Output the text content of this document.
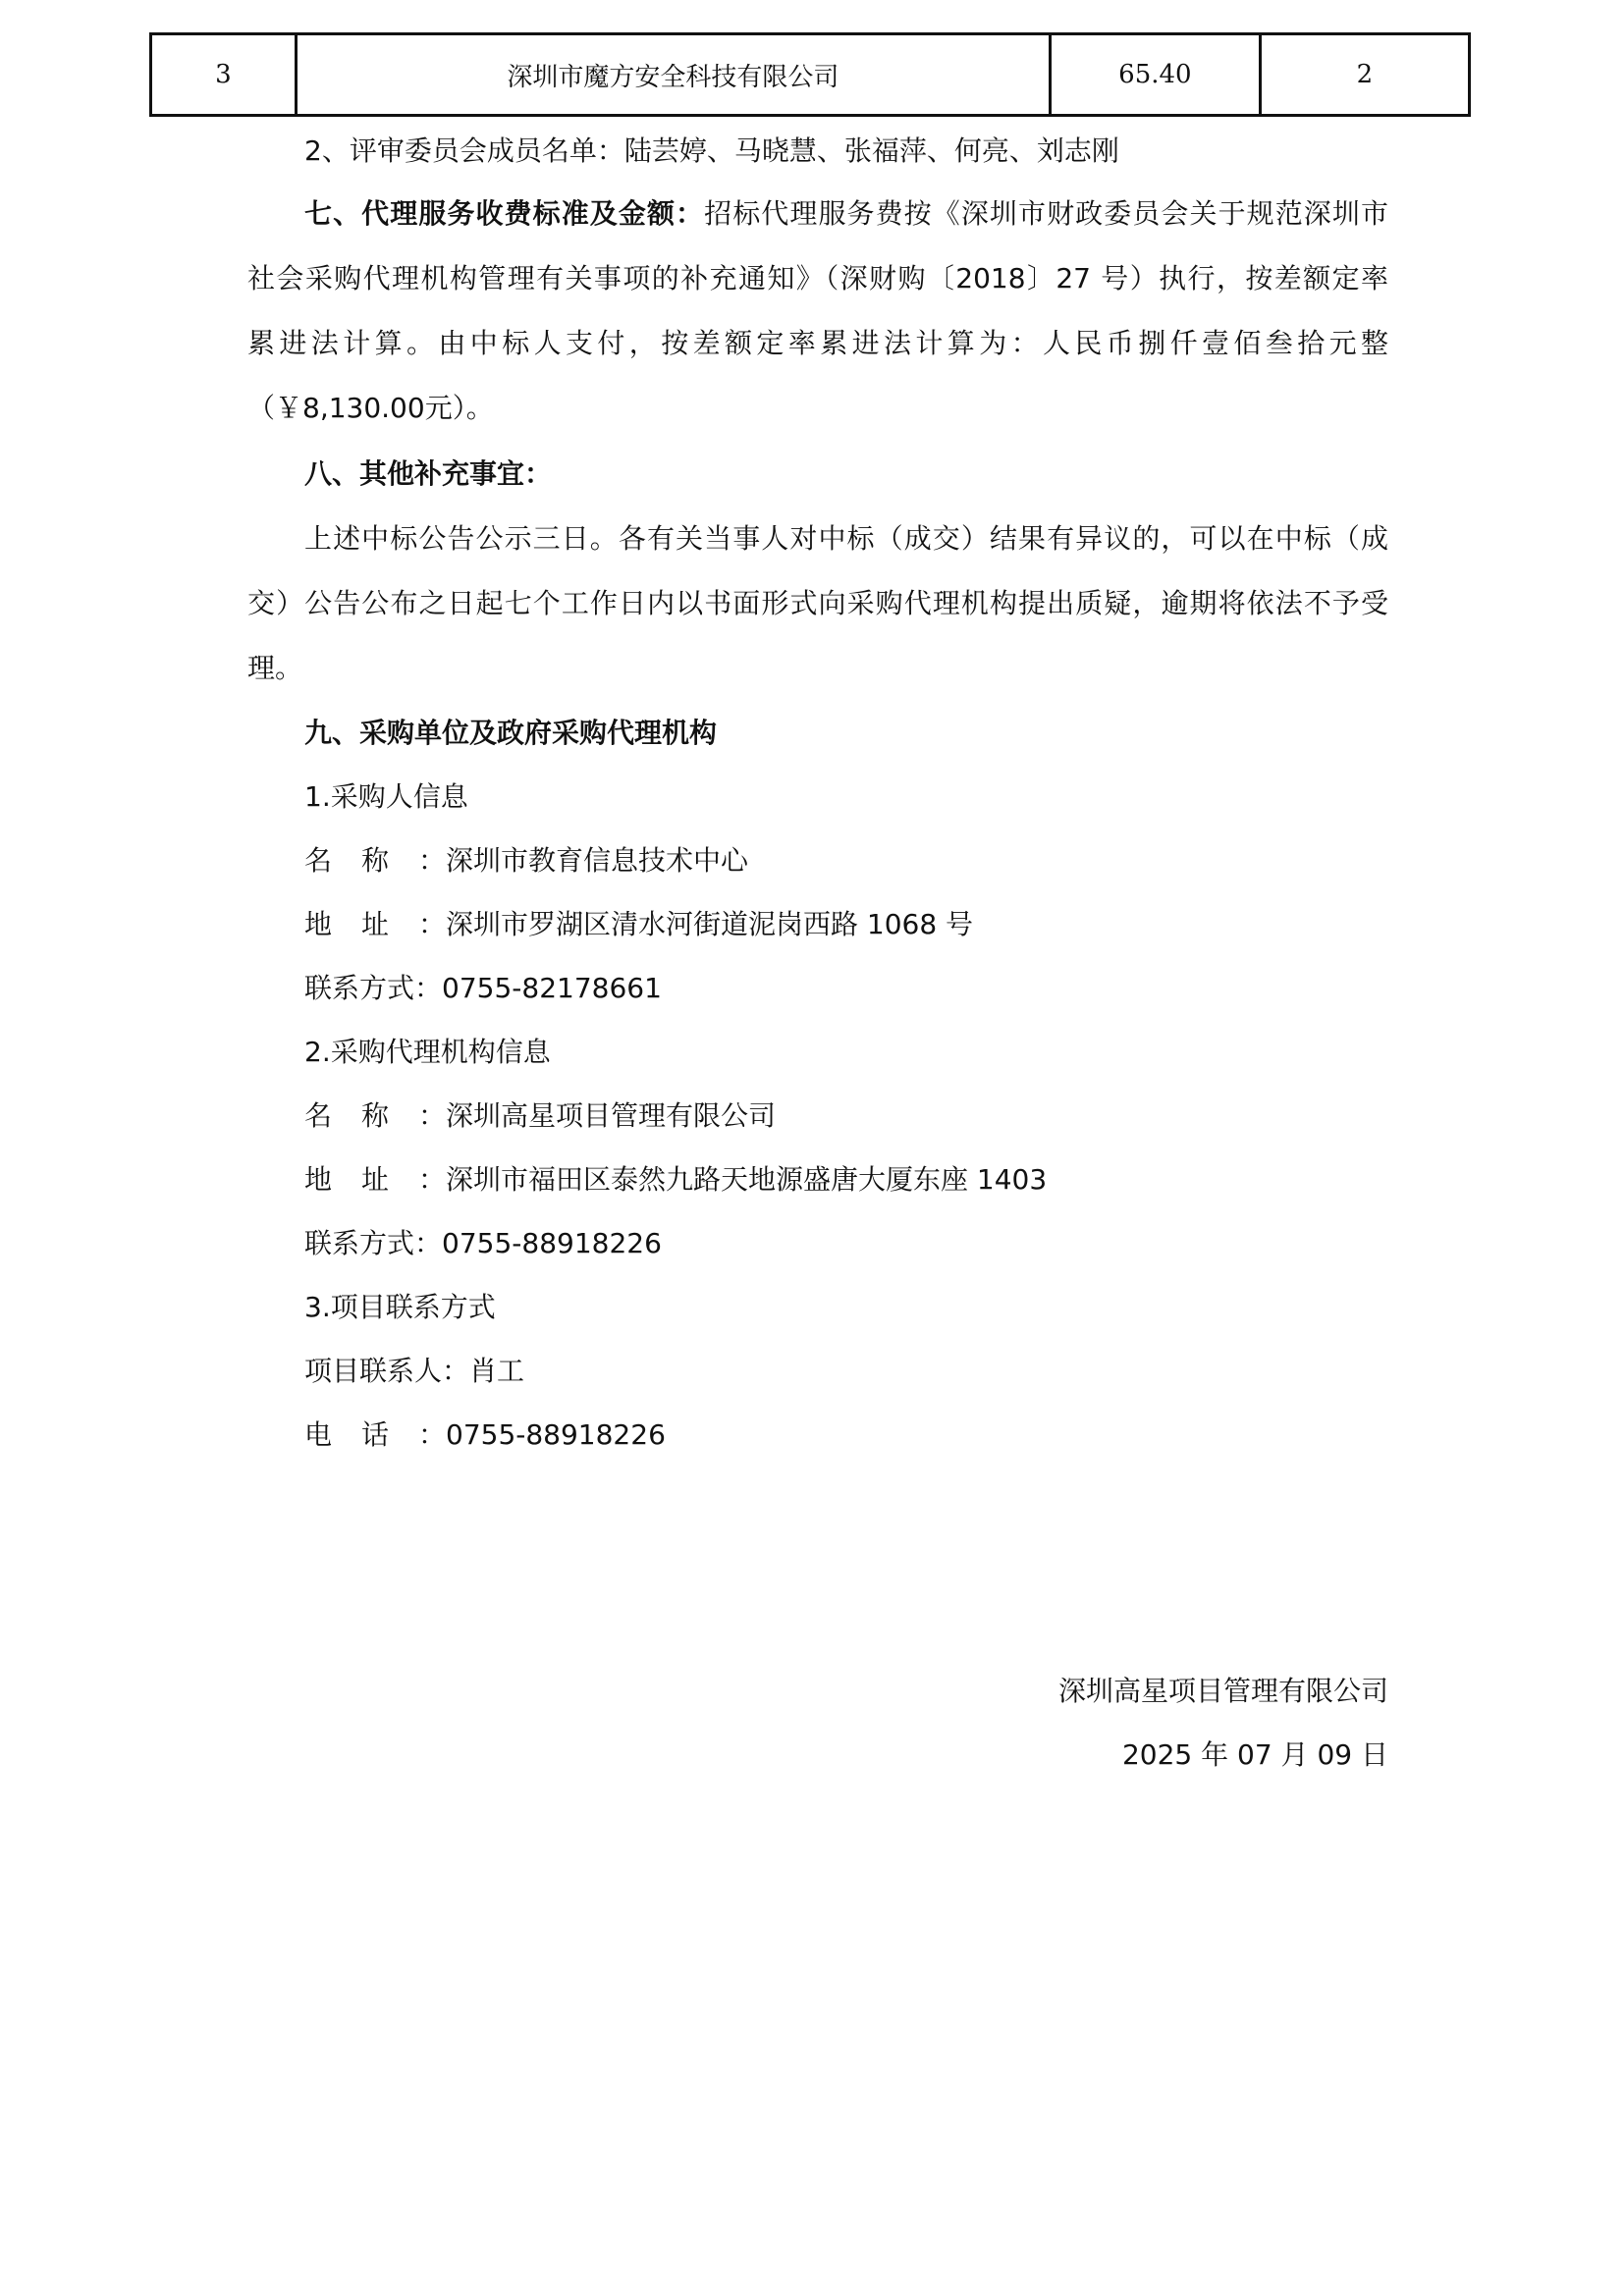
3	深圳市魔方安全科技有限公司	65.40	2
2、评审委员会成员名单：陆芸婷、马晓慧、张福萍、何亮、刘志刚
七、代理服务收费标准及金额：招标代理服务费按《深圳市财政委员会关于规范深圳市
社会采购代理机构管理有关事项的补充通知》（深财购〔2018〕27 号）执行，按差额定率
累进法计算。由中标人支付，按差额定率累进法计算为：人民币捌仟壹佰叁拾元整
（￥8,130.00元）。
八、其他补充事宜：
上述中标公告公示三日。各有关当事人对中标（成交）结果有异议的，可以在中标（成
交）公告公布之日起七个工作日内以书面形式向采购代理机构提出质疑，逾期将依法不予受
理。
九、采购单位及政府采购代理机构
1.采购人信息
名称：深圳市教育信息技术中心
地址：深圳市罗湖区清水河街道泥岗西路 1068 号
联系方式：0755-82178661
2.采购代理机构信息
名称：深圳高星项目管理有限公司
地址：深圳市福田区泰然九路天地源盛唐大厦东座 1403
联系方式：0755-88918226
3.项目联系方式
项目联系人：肖工
电话：0755-88918226
深圳高星项目管理有限公司
2025 年 07 月 09 日
